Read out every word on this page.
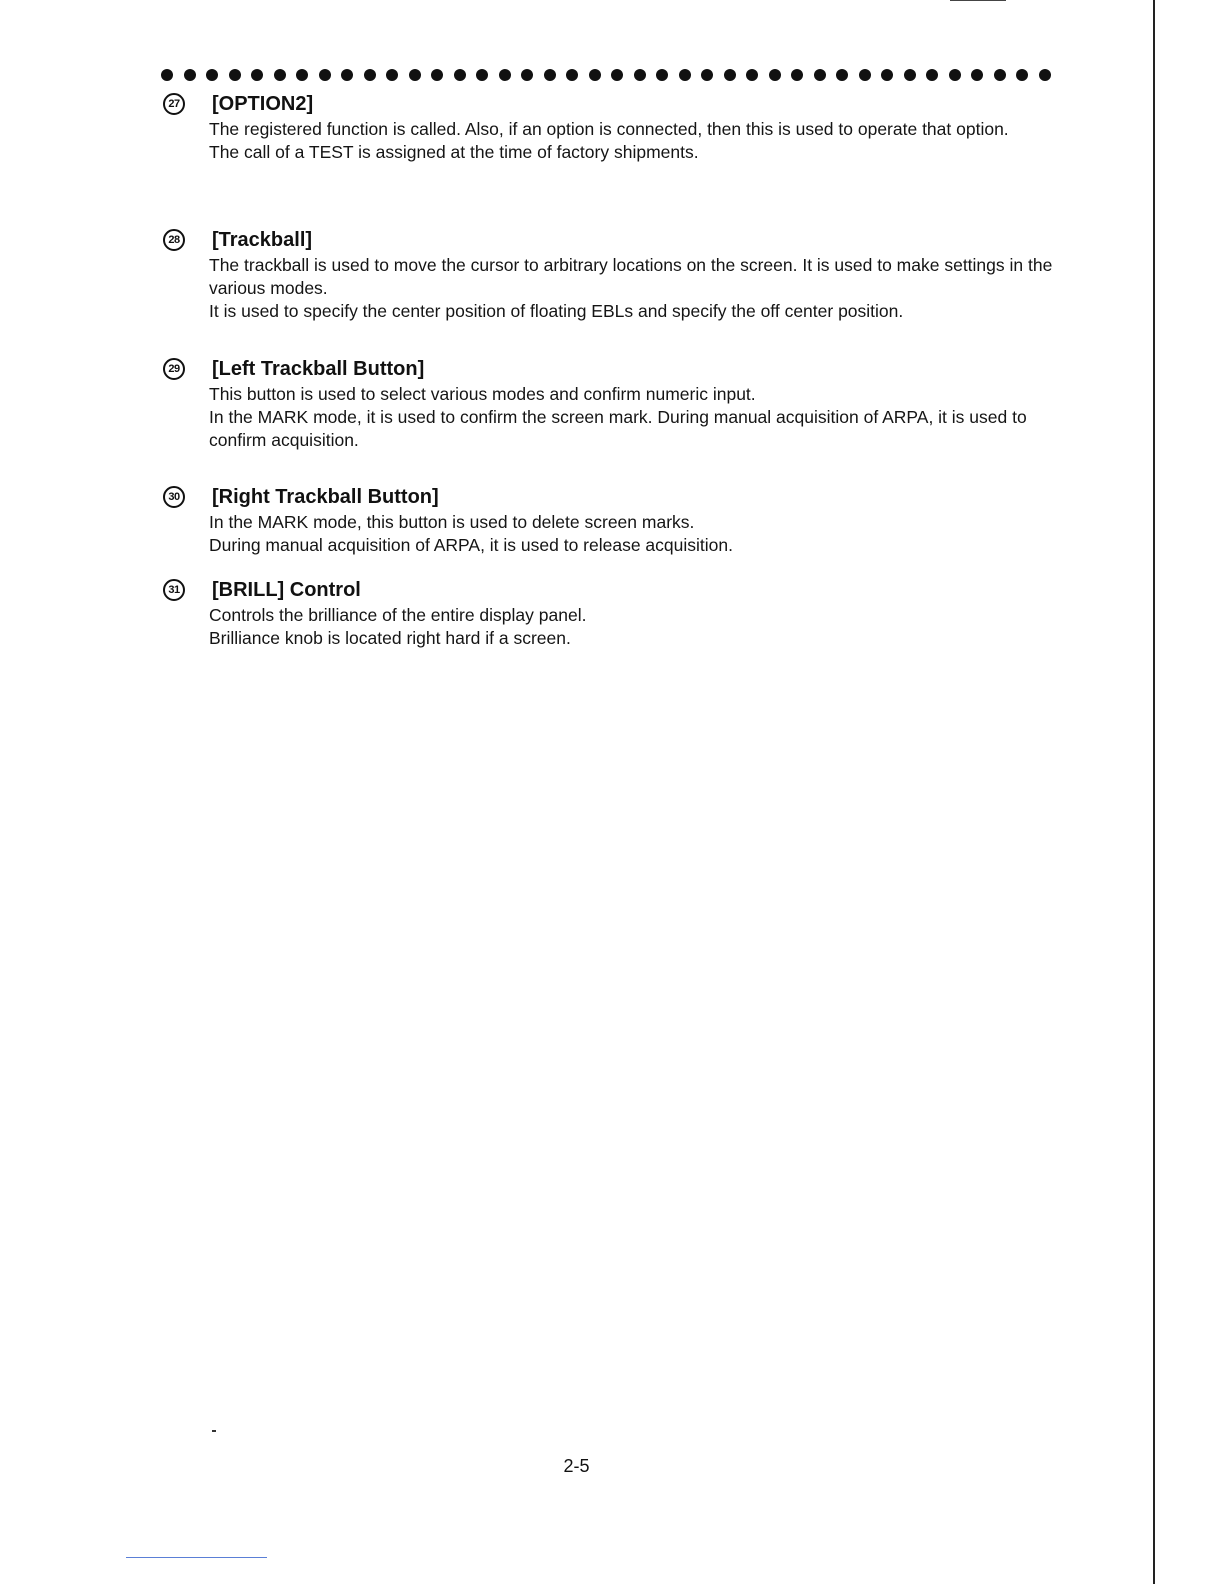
27 [OPTION2]

The registered function is called. Also, if an option is connected, then this is used to operate that option.

The call of a TEST is assigned at the time of factory shipments.

28 [Trackball]

The trackball is used to move the cursor to arbitrary locations on the screen. It is used to make settings in the various modes.

It is used to specify the center position of floating EBLs and specify the off center position.

29 [Left Trackball Button]

This button is used to select various modes and confirm numeric input.

In the MARK mode, it is used to confirm the screen mark. During manual acquisition of ARPA, it is used to confirm acquisition.

30 [Right Trackball Button]

In the MARK mode, this button is used to delete screen marks.

During manual acquisition of ARPA, it is used to release acquisition.

31 [BRILL] Control

Controls the brilliance of the entire display panel.

Brilliance knob is located right hard if a screen.

2-5
